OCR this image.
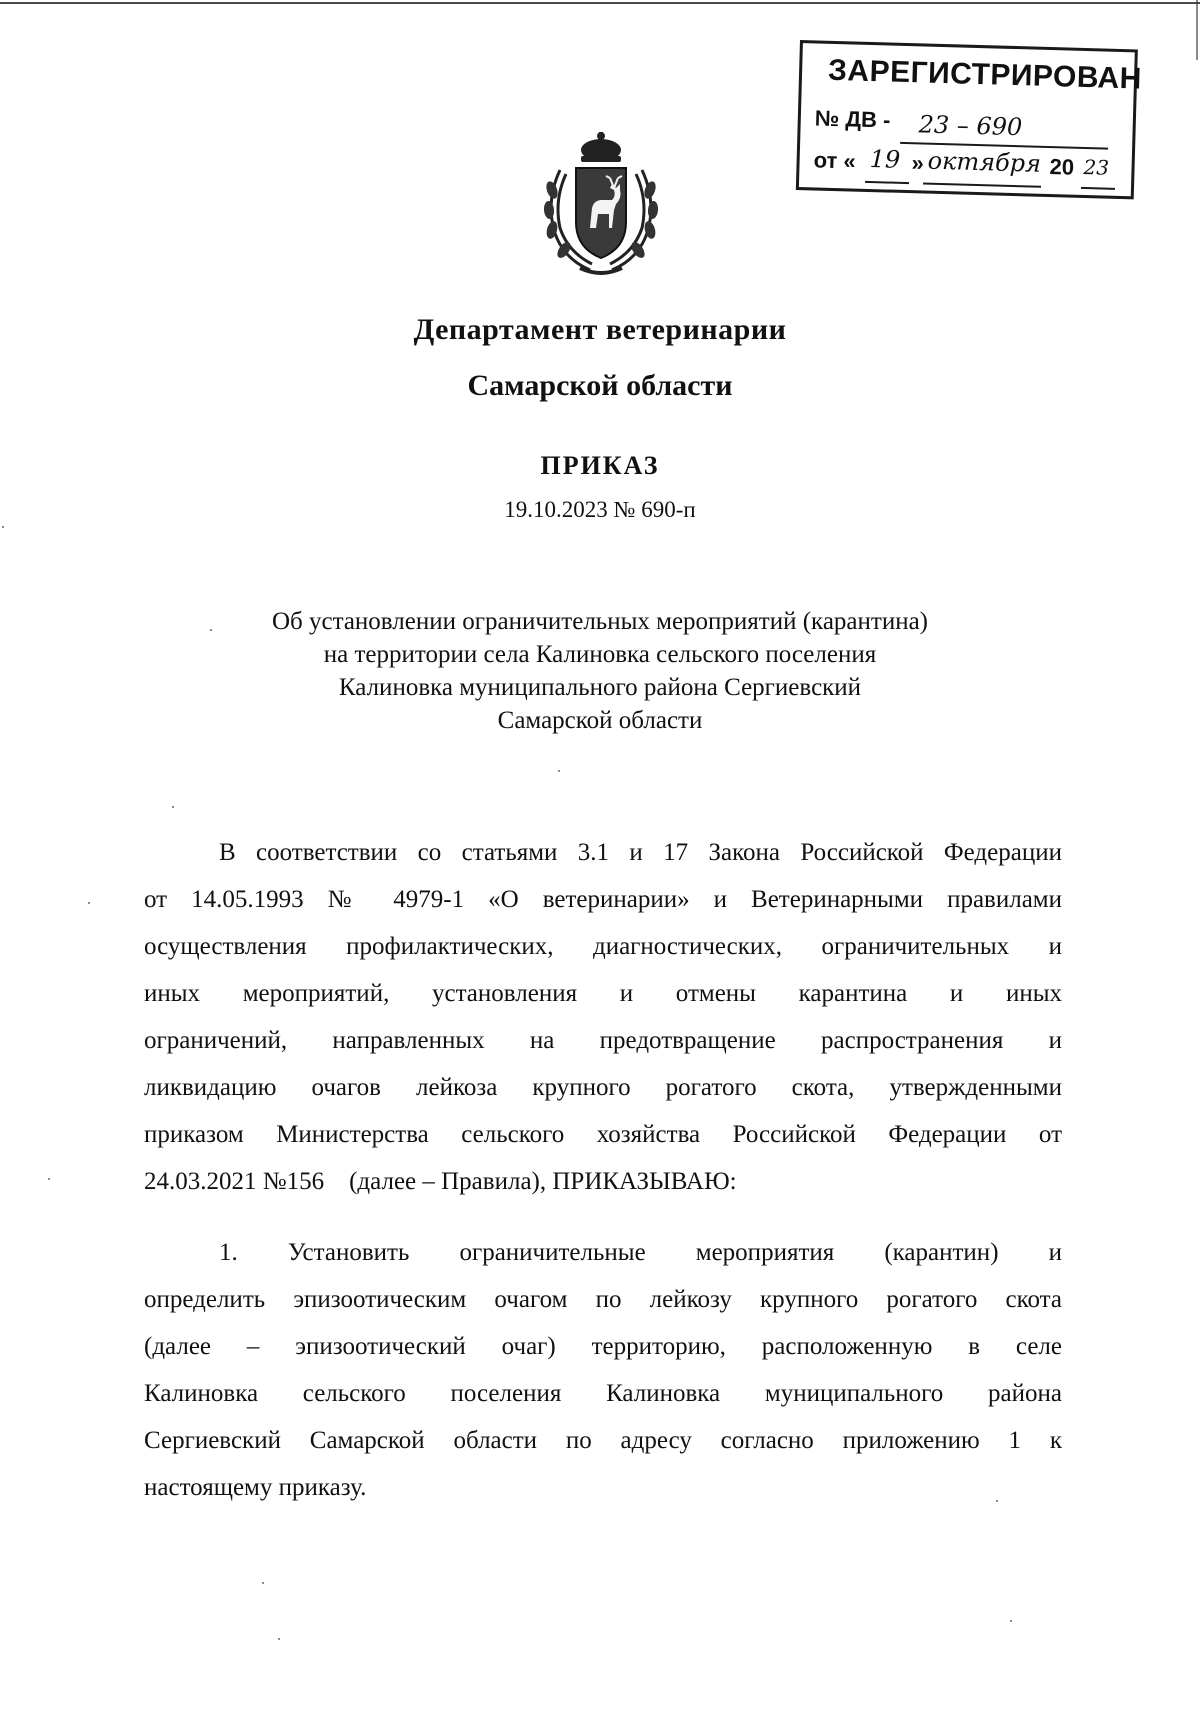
ЗАРЕГИСТРИРОВАН
№ ДВ - 23 – 690
от « 19 » октября 20 23
Департамент ветеринарии
Самарской области
ПРИКАЗ
19.10.2023 № 690-п
Об установлении ограничительных мероприятий (карантина)
на территории села Калиновка сельского поселения
Калиновка муниципального района Сергиевский
Самарской области
В соответствии со статьями 3.1 и 17 Закона Российской Федерации
от 14.05.1993 № 4979-1 «О ветеринарии» и Ветеринарными правилами
осуществления профилактических, диагностических, ограничительных и
иных мероприятий, установления и отмены карантина и иных
ограничений, направленных на предотвращение распространения и
ликвидацию очагов лейкоза крупного рогатого скота, утвержденными
приказом Министерства сельского хозяйства Российской Федерации от
24.03.2021 №156    (далее – Правила), ПРИКАЗЫВАЮ:
1. Установить ограничительные мероприятия (карантин) и
определить эпизоотическим очагом по лейкозу крупного рогатого скота
(далее – эпизоотический очаг) территорию, расположенную в селе
Калиновка сельского поселения Калиновка муниципального района
Сергиевский Самарской области по адресу согласно приложению 1 к
настоящему приказу.
